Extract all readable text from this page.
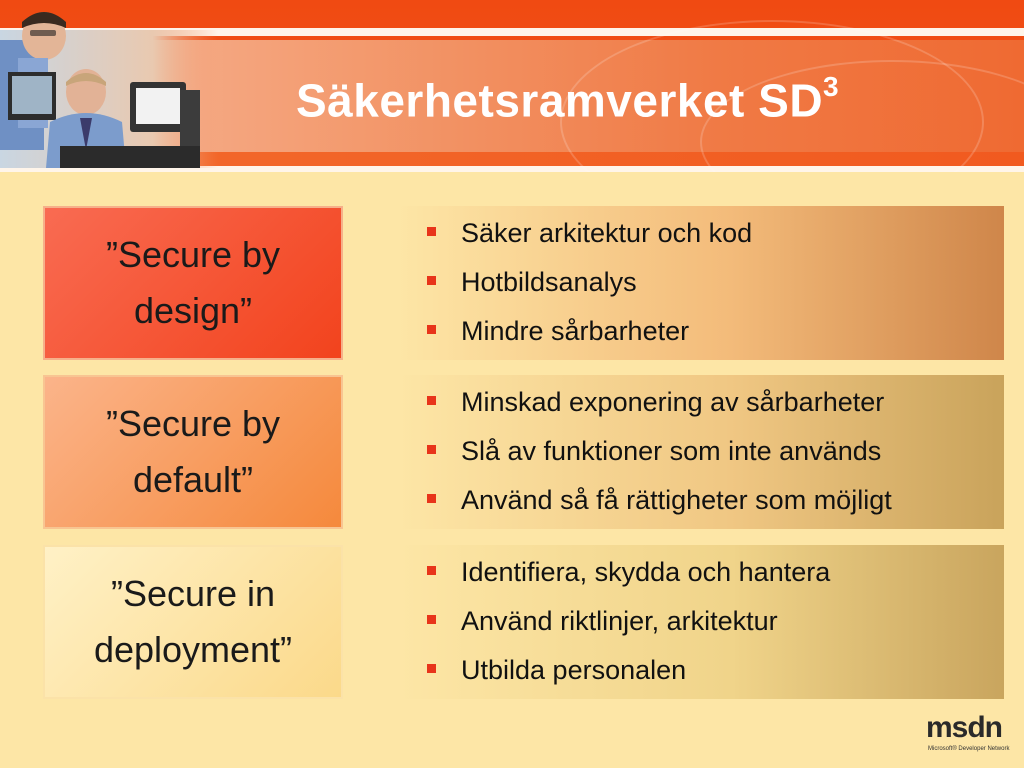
Säkerhetsramverket $SD^3$
”Secure by
design”
Säker arkitektur och kod
Hotbildsanalys
Mindre sårbarheter
”Secure by
default”
Minskad exponering av sårbarheter
Slå av funktioner som inte används
Använd så få rättigheter som möjligt
”Secure in
deployment”
Identifiera, skydda och hantera
Använd riktlinjer, arkitektur
Utbilda personalen
msdn
Microsoft® Developer Network
